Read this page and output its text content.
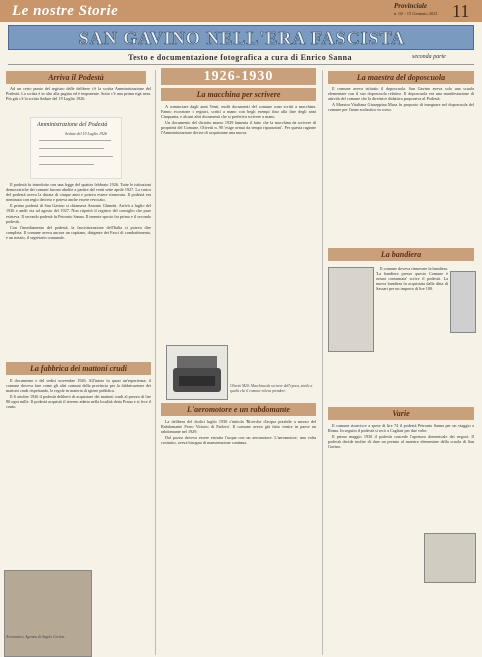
Le nostre Storie	Provinciale
n. 02 - 15 Gennaio 2021 11
SAN GAVINO NELL'ERA FASCISTA
Testo e documentazione fotografica a cura di Enrico Sanna	seconda parte
Arriva il Podestà

Ad un certo punto del registro delle delibere c'è la scritta Amministrazione del Podestà. La scritta è in alto alla pagina ed è imponente. Sotto c'è una prima riga nera. Più giù c'è la scritta Sedute del 19 Luglio 1926.

Amministrazione del Podestà
Sedute del 19 Luglio 1926

Il podestà fu introdotto con una legge del quattro febbraio 1926. Tutte le istituzioni democratiche dei comuni furono abolite a partire dal venti sette aprile 1927. La carica del podestà aveva la durata di cinque anni e poteva essere rinnovata. Il podestà era nominato con regio decreto e poteva anche essere revocato.

Il primo podestà di San Gavino si chiamava Antonio Ghinetti. Arrivò a luglio del 1926 e andò via ad agosto del 1927. Non rispettò il registro del consiglio che pure esisteva. Il secondo podestà fu Petronio Sanna. Il tenente sposto fra primo e il secondo podestà.

Con l'insediamento del podestà, la fascistizzazione dell'Italia si poteva dire completa. Il comune aveva ancora un capitano, dirigente dei Fasci di combattimento, e un notaio, il segretario comunale.

La fabbrica dei mattoni crudi

Il documento e del sedici novembre 1926. All'inizio fu quasi un'esperienza; il comune doveva fare come gli altri comuni della provincia per la fabbricazione dei mattoni crudi rispettando, le regole in materia di igiene pubblica.

Il 6 ottobre 1926 il podestà deliberò di acquistare dei mattoni crudi al prezzo di lire 80 ogni mille. Il podestà acquistò il terreno adatto nella località detta Pranu e si fece il conto.

Aeromotore, Agenzia di Angelo Corrias
1926-1930
La macchina per scrivere

A cominciare dagli anni Venti, molti documenti del comune sono scritti a macchina. Fanno eccezione i registri, scritti a mano con begli esempi fino alla fine degli anni Cinquanta, e alcuni altri documenti che si preferiva scrivere a mano.

Un documento del diciotto marzo 1929 lamenta il fatto che la macchina da scrivere di proprietà del Comune, Olivetti n. 90 'esige ormai da tempo riparazioni'. Per questa ragione l'Amministrazione decise di acquistarne una nuova.

Olivetti M20: Macchina da scrivere dell'epoca, simile a quella che il comune voleva prendere.
L'aeromotore e un rabdomante

La delibera del dodici luglio 1930 s'intitola 'Ricerche d'acqua potabile a mezzo del Rabdomante Ferro Vittorio di Padova'. Il comune aveva già fatto venire in paese un rabdomante nel 1929.

Dal pozzo doveva essere estratta l'acqua con un aeromotore. L'aeromotore, una volta costruito, aveva bisogno di manutenzione continua.

La maestra del doposcuola

Il comune aveva istituito il doposcuola. San Gavino aveva solo una scuola elementare con il suo doposcuola relativo. Il doposcuola era una manifestazione di attività del comune che la direttrice didattica proponeva al Podestà.

A Maestra Vitaliana Giuseppina Musa fu proposto di insegnare nel doposcuola del comune per l'anno scolastico in corso.

La bandiera

Il comune doveva rinnovare la bandiera. 'La bandiera presso questo Comune è ormai consumata' scrive il podestà. La nuova bandiera fu acquistata dalla ditta di Sassari per un importo di lire 100.

Varie

Il comune risarcisce a spese di lire 74 il podestà Petronio Sanna per un viaggio a Roma. In seguito il podestà si recò a Cagliari per due volte.

Il primo maggio 1930 il podestà concede l'apertura domenicale dei negozi. Il podestà decide inoltre di dare un premio al maestro elementare della scuola di San Gavino.
